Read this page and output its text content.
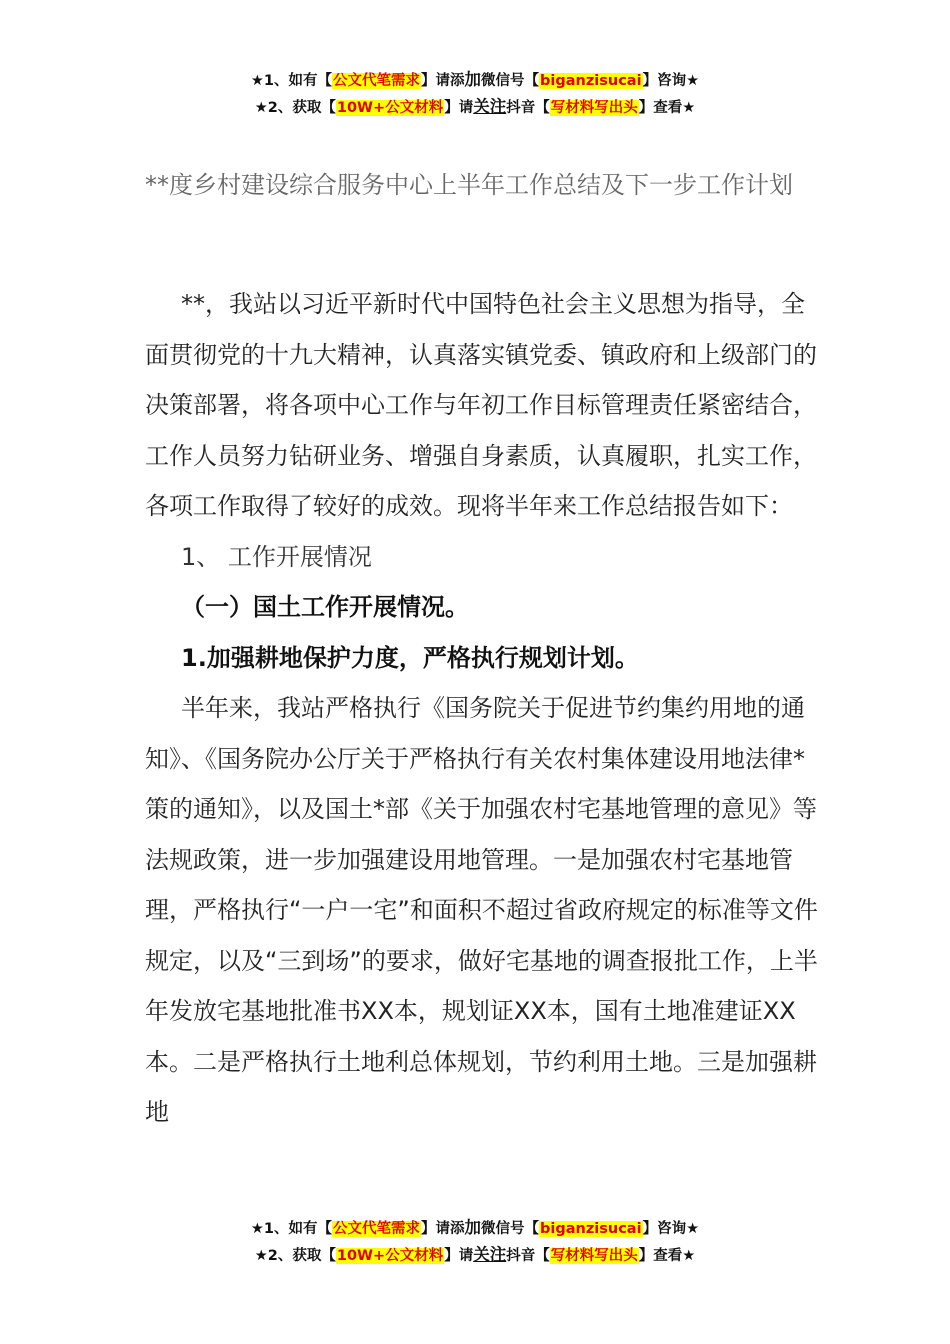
★1、如有【公文代笔需求】请添加微信号【biganzisucai】咨询★
★2、获取【10W+公文材料】请关注抖音【写材料写出头】查看★
**度乡村建设综合服务中心上半年工作总结及下一步工作计划

**，我站以习近平新时代中国特色社会主义思想为指导，全面贯彻党的十九大精神，认真落实镇党委、镇政府和上级部门的决策部署，将各项中心工作与年初工作目标管理责任紧密结合，工作人员努力钻研业务、增强自身素质，认真履职，扎实工作，各项工作取得了较好的成效。现将半年来工作总结报告如下：

1、 工作开展情况

（一）国土工作开展情况。

1.加强耕地保护力度，严格执行规划计划。

半年来，我站严格执行《国务院关于促进节约集约用地的通知》、《国务院办公厅关于严格执行有关农村集体建设用地法律*策的通知》，以及国土*部《关于加强农村宅基地管理的意见》等法规政策，进一步加强建设用地管理。一是加强农村宅基地管理，严格执行“一户一宅”和面积不超过省政府规定的标准等文件规定，以及“三到场”的要求，做好宅基地的调查报批工作，上半年发放宅基地批准书XX本，规划证XX本，国有土地准建证XX本。二是严格执行土地利总体规划，节约利用土地。三是加强耕地

★1、如有【公文代笔需求】请添加微信号【biganzisucai】咨询★
★2、获取【10W+公文材料】请关注抖音【写材料写出头】查看★
